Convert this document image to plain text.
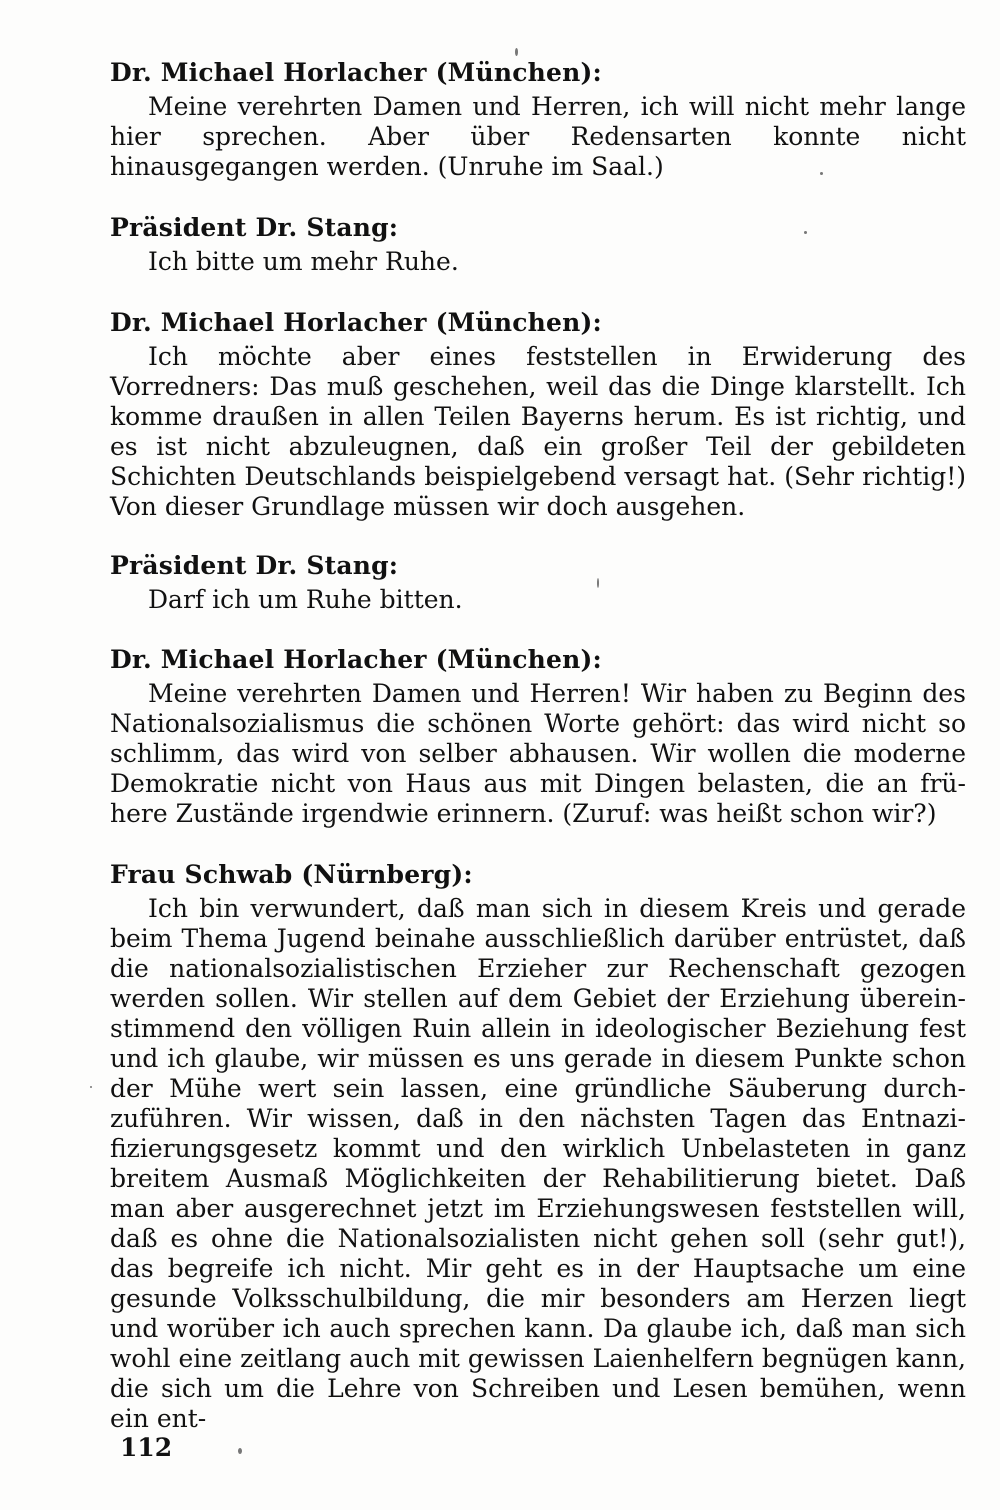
Dr. Michael Horlacher (München):

Meine verehrten Damen und Herren, ich will nicht mehr lange hier sprechen. Aber über Redensarten konnte nicht hinausgegangen werden. (Unruhe im Saal.)

Präsident Dr. Stang:

Ich bitte um mehr Ruhe.

Dr. Michael Horlacher (München):

Ich möchte aber eines feststellen in Erwiderung des Vorredners: Das muß geschehen, weil das die Dinge klarstellt. Ich komme draußen in allen Teilen Bayerns herum. Es ist richtig, und es ist nicht abzuleugnen, daß ein großer Teil der gebildeten Schichten Deutschlands beispielgebend versagt hat. (Sehr richtig!) Von dieser Grundlage müssen wir doch ausgehen.

Präsident Dr. Stang:

Darf ich um Ruhe bitten.

Dr. Michael Horlacher (München):

Meine verehrten Damen und Herren! Wir haben zu Beginn des Nationalsozialismus die schönen Worte gehört: das wird nicht so schlimm, das wird von selber abhausen. Wir wollen die moderne Demokratie nicht von Haus aus mit Dingen belasten, die an frühere Zustände irgendwie erinnern. (Zuruf: was heißt schon wir?)

Frau Schwab (Nürnberg):

Ich bin verwundert, daß man sich in diesem Kreis und gerade beim Thema Jugend beinahe ausschließlich darüber entrüstet, daß die nationalsozialistischen Erzieher zur Rechenschaft gezogen werden sollen. Wir stellen auf dem Gebiet der Erziehung übereinstimmend den völligen Ruin allein in ideologischer Beziehung fest und ich glaube, wir müssen es uns gerade in diesem Punkte schon der Mühe wert sein lassen, eine gründliche Säuberung durchzuführen. Wir wissen, daß in den nächsten Tagen das Entnazifizierungsgesetz kommt und den wirklich Unbelasteten in ganz breitem Ausmaß Möglichkeiten der Rehabilitierung bietet. Daß man aber ausgerechnet jetzt im Erziehungswesen feststellen will, daß es ohne die Nationalsozialisten nicht gehen soll (sehr gut!), das begreife ich nicht. Mir geht es in der Hauptsache um eine gesunde Volksschulbildung, die mir besonders am Herzen liegt und worüber ich auch sprechen kann. Da glaube ich, daß man sich wohl eine zeitlang auch mit gewissen Laienhelfern begnügen kann, die sich um die Lehre von Schreiben und Lesen bemühen, wenn ein ent-

112
